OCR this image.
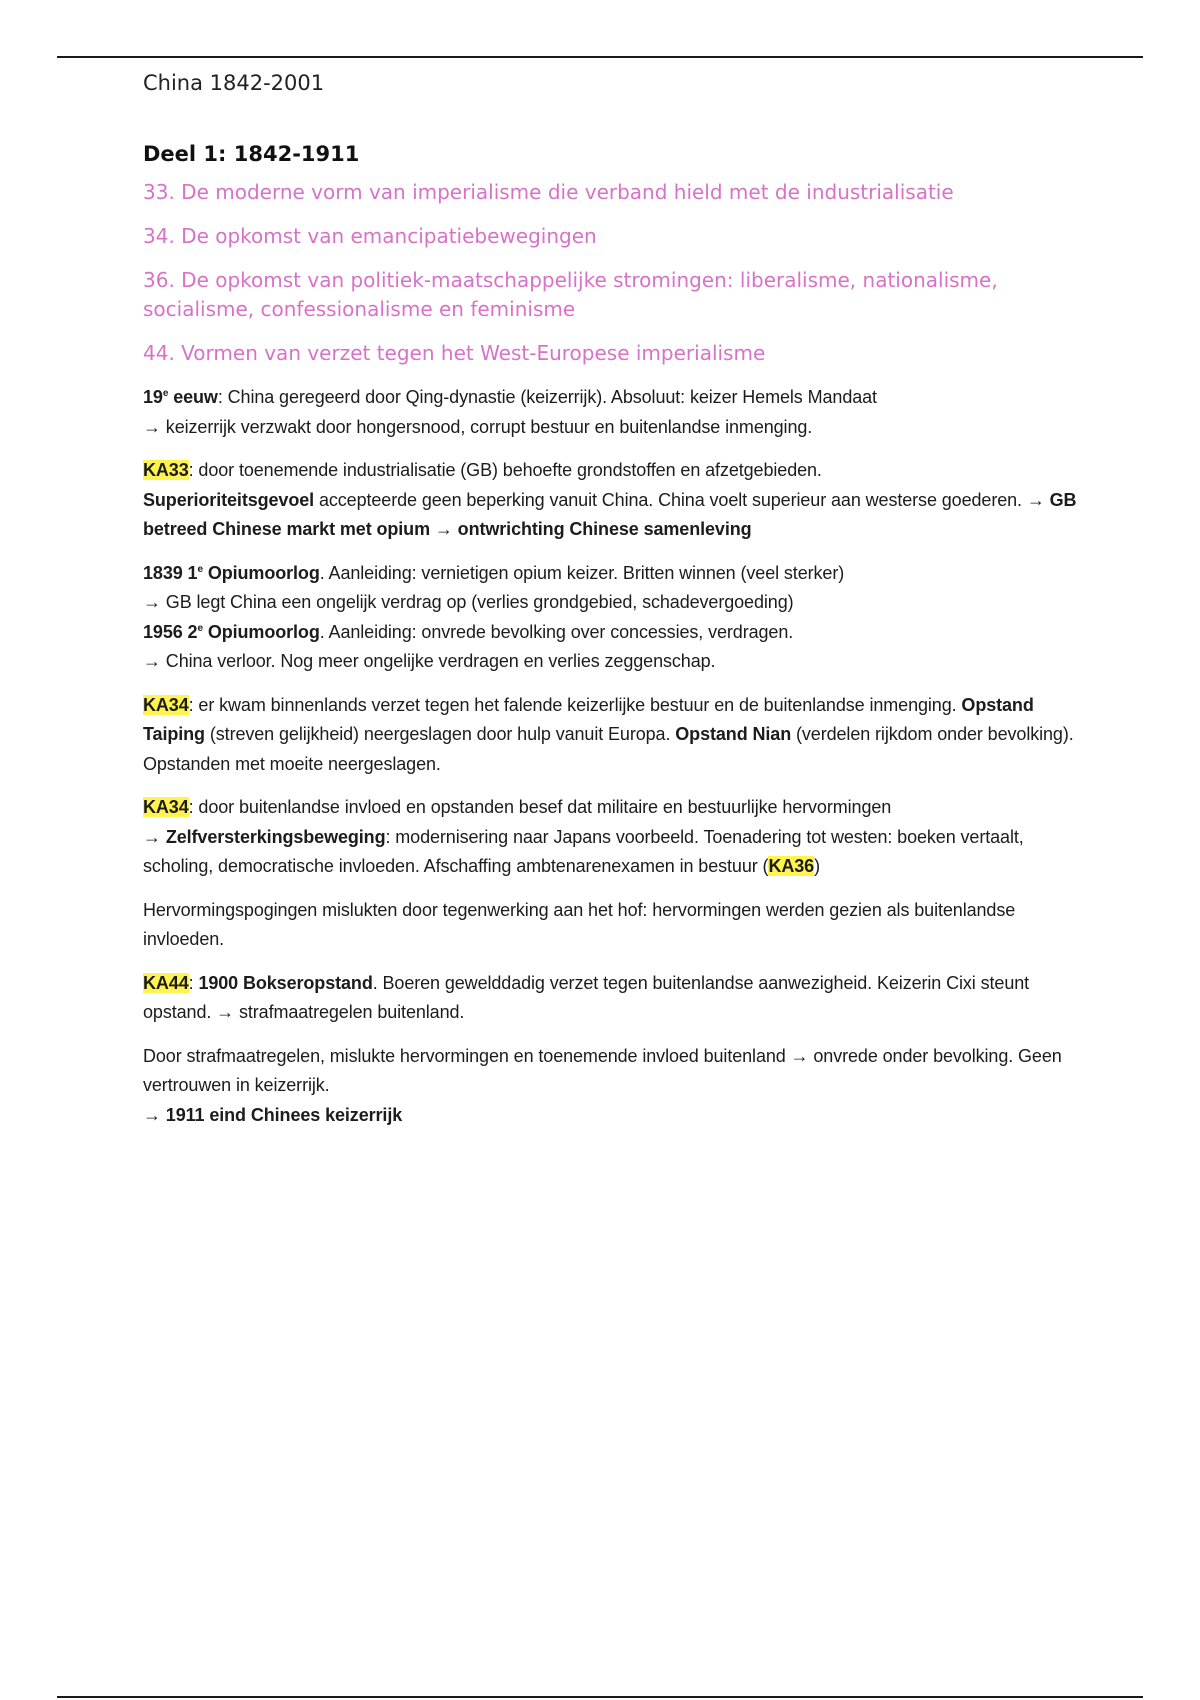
China 1842-2001

Deel 1: 1842-1911

33. De moderne vorm van imperialisme die verband hield met de industrialisatie

34. De opkomst van emancipatiebewegingen

36. De opkomst van politiek-maatschappelijke stromingen: liberalisme, nationalisme, socialisme, confessionalisme en feminisme

44. Vormen van verzet tegen het West-Europese imperialisme

19e eeuw: China geregeerd door Qing-dynastie (keizerrijk). Absoluut: keizer Hemels Mandaat
→ keizerrijk verzwakt door hongersnood, corrupt bestuur en buitenlandse inmenging.

KA33: door toenemende industrialisatie (GB) behoefte grondstoffen en afzetgebieden.
Superioriteitsgevoel accepteerde geen beperking vanuit China. China voelt superieur aan westerse goederen. → GB betreed Chinese markt met opium → ontwrichting Chinese samenleving

1839 1e Opiumoorlog. Aanleiding: vernietigen opium keizer. Britten winnen (veel sterker)
→ GB legt China een ongelijk verdrag op (verlies grondgebied, schadevergoeding)
1956 2e Opiumoorlog. Aanleiding: onvrede bevolking over concessies, verdragen.
→ China verloor. Nog meer ongelijke verdragen en verlies zeggenschap.

KA34: er kwam binnenlands verzet tegen het falende keizerlijke bestuur en de buitenlandse inmenging. Opstand Taiping (streven gelijkheid) neergeslagen door hulp vanuit Europa. Opstand Nian (verdelen rijkdom onder bevolking). Opstanden met moeite neergeslagen.

KA34: door buitenlandse invloed en opstanden besef dat militaire en bestuurlijke hervormingen
→ Zelfversterkingsbeweging: modernisering naar Japans voorbeeld. Toenadering tot westen: boeken vertaalt, scholing, democratische invloeden. Afschaffing ambtenarenexamen in bestuur (KA36)

Hervormingspogingen mislukten door tegenwerking aan het hof: hervormingen werden gezien als buitenlandse invloeden.

KA44: 1900 Bokseropstand. Boeren gewelddadig verzet tegen buitenlandse aanwezigheid. Keizerin Cixi steunt opstand. → strafmaatregelen buitenland.

Door strafmaatregelen, mislukte hervormingen en toenemende invloed buitenland → onvrede onder bevolking. Geen vertrouwen in keizerrijk.
→ 1911 eind Chinees keizerrijk
